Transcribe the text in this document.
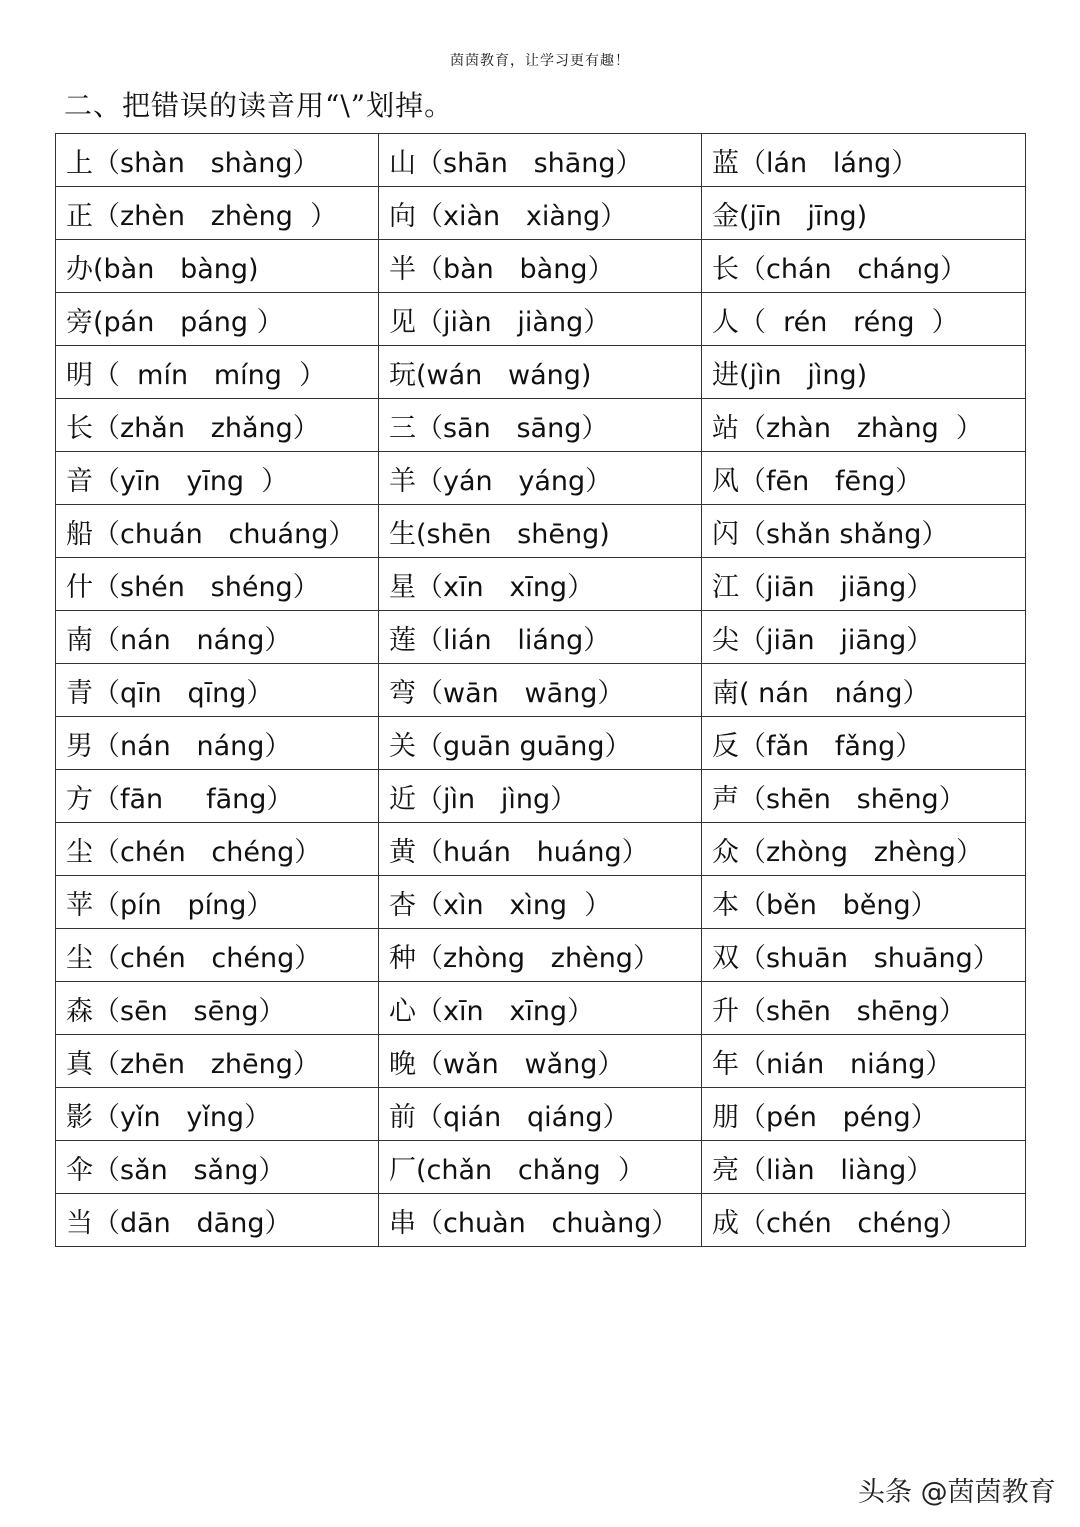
茵茵教育，让学习更有趣！
二、把错误的读音用“\”划掉。
上（shàn   shàng）	山（shān   shāng）	蓝（lán   láng）
正（zhèn   zhèng  ）	向（xiàn   xiàng）	金(jīn   jīng)
办(bàn   bàng)	半（bàn   bàng）	长（chán   cháng）
旁(pán   páng ）	见（jiàn   jiàng）	人（  rén   réng  ）
明（  mín   míng  ）	玩(wán   wáng)	进(jìn   jìng)
长（zhǎn   zhǎng）	三（sān   sāng）	站（zhàn   zhàng  ）
音（yīn   yīng  ）	羊（yán   yáng）	风（fēn   fēng）
船（chuán   chuáng）	生(shēn   shēng)	闪（shǎn shǎng）
什（shén   shéng）	星（xīn   xīng）	江（jiān   jiāng）
南（nán   náng）	莲（lián   liáng）	尖（jiān   jiāng）
青（qīn   qīng）	弯（wān   wāng）	南( nán   náng）
男（nán   náng）	关（guān guāng）	反（fǎn   fǎng）
方（fān     fāng）	近（jìn   jìng）	声（shēn   shēng）
尘（chén   chéng）	黄（huán   huáng）	众（zhòng   zhèng）
苹（pín   píng）	杏（xìn   xìng  ）	本（běn   běng）
尘（chén   chéng）	种（zhòng   zhèng）	双（shuān   shuāng）
森（sēn   sēng）	心（xīn   xīng）	升（shēn   shēng）
真（zhēn   zhēng）	晚（wǎn   wǎng）	年（nián   niáng）
影（yǐn   yǐng）	前（qián   qiáng）	朋（pén   péng）
伞（sǎn   sǎng）	厂(chǎn   chǎng  ）	亮（liàn   liàng）
当（dān   dāng）	串（chuàn   chuàng）	成（chén   chéng）
头条 @茵茵教育
